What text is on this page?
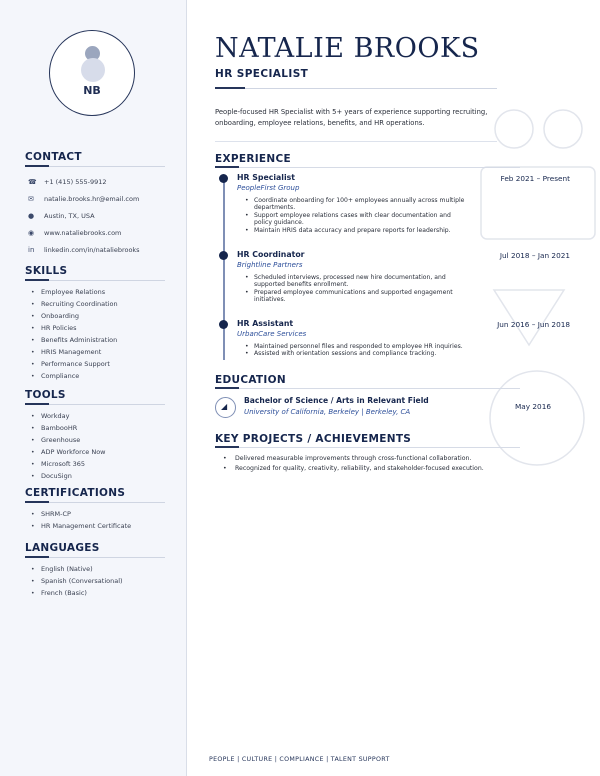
NB
CONTACT
☎	+1 (415) 555-9912
✉	natalie.brooks.hr@email.com
●	Austin, TX, USA
◉	www.nataliebrooks.com
in	linkedin.com/in/nataliebrooks
SKILLS
• Employee Relations
• Recruiting Coordination
• Onboarding
• HR Policies
• Benefits Administration
• HRIS Management
• Performance Support
• Compliance
TOOLS
• Workday
• BambooHR
• Greenhouse
• ADP Workforce Now
• Microsoft 365
• DocuSign
CERTIFICATIONS
• SHRM-CP
• HR Management Certificate
LANGUAGES
• English (Native)
• Spanish (Conversational)
• French (Basic)
NATALIE BROOKS
HR SPECIALIST
People-focused HR Specialist with 5+ years of experience supporting recruiting, onboarding, employee relations, benefits, and HR operations.
EXPERIENCE
HR Specialist
PeopleFirst Group
Feb 2021 – Present
• Coordinate onboarding for 100+ employees annually across multiple departments.
• Support employee relations cases with clear documentation and policy guidance.
• Maintain HRIS data accuracy and prepare reports for leadership.
HR Coordinator
Brightline Partners
Jul 2018 – Jan 2021
• Scheduled interviews, processed new hire documentation, and supported benefits enrollment.
• Prepared employee communications and supported engagement initiatives.
HR Assistant
UrbanCare Services
Jun 2016 – Jun 2018
• Maintained personnel files and responded to employee HR inquiries.
• Assisted with orientation sessions and compliance tracking.
EDUCATION
◢
Bachelor of Science / Arts in Relevant Field
University of California, Berkeley | Berkeley, CA
May 2016
KEY PROJECTS / ACHIEVEMENTS
• Delivered measurable improvements through cross-functional collaboration.
• Recognized for quality, creativity, reliability, and stakeholder-focused execution.
PEOPLE | CULTURE | COMPLIANCE | TALENT SUPPORT
